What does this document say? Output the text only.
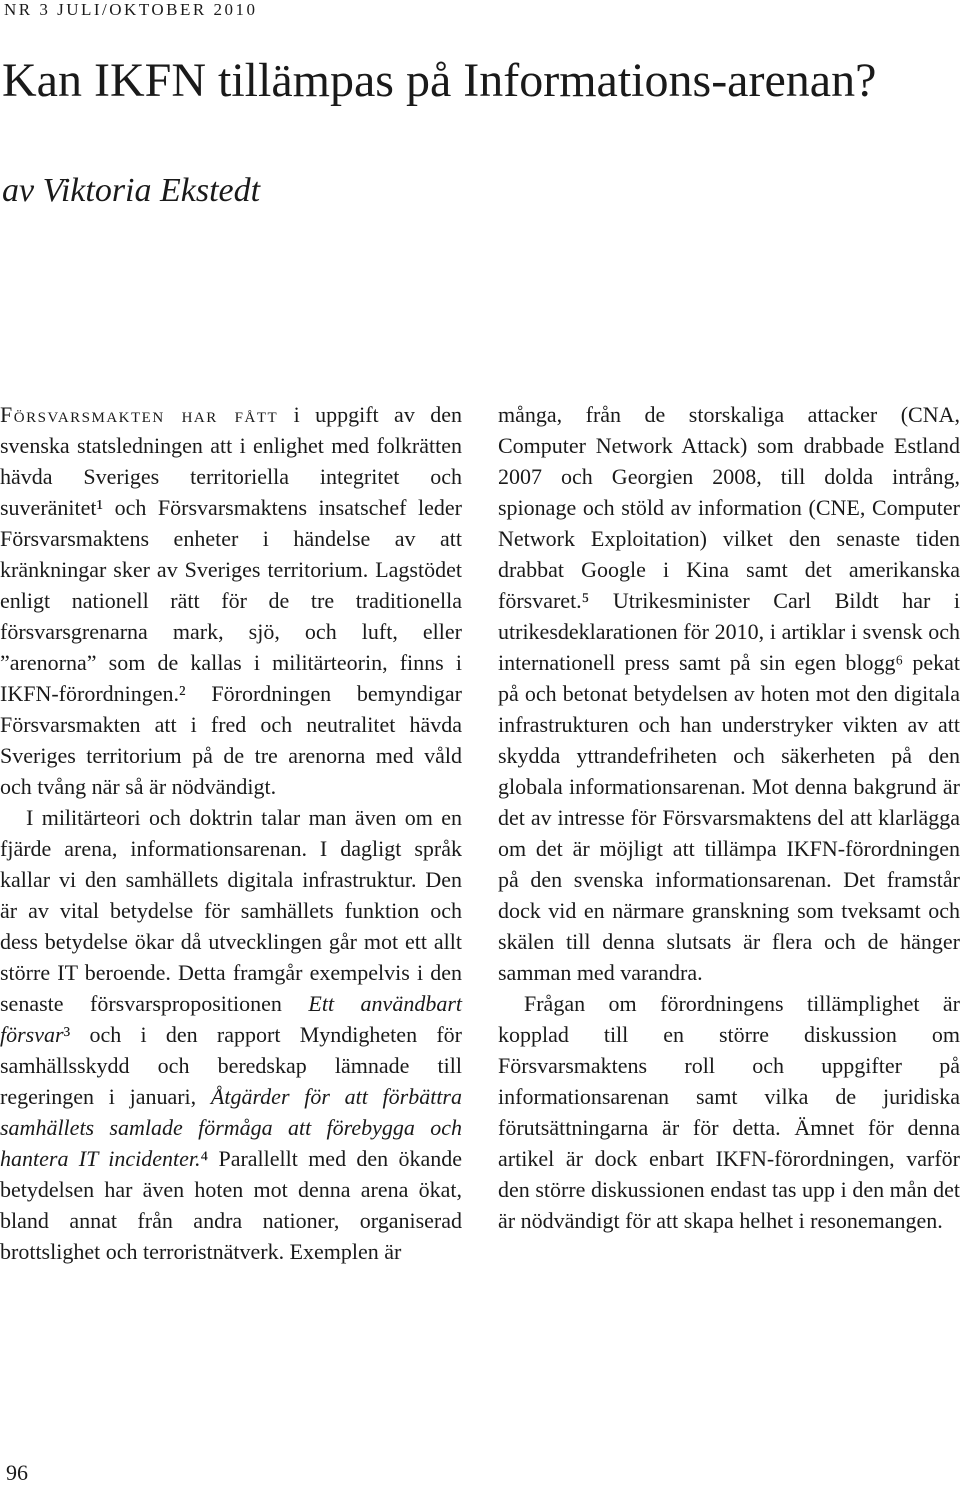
NR 3 JULI/OKTOBER 2010
Kan IKFN tillämpas på Informations-arenan?
av Viktoria Ekstedt

Försvarsmakten har fått i uppgift av den svenska statsledningen att i enlighet med folkrätten hävda Sveriges territoriella integritet och suveränitet¹ och Försvarsmaktens insatschef leder Försvarsmaktens enheter i händelse av att kränkningar sker av Sveriges territorium. Lagstödet enligt nationell rätt för de tre traditionella försvarsgrenarna mark, sjö, och luft, eller ”arenorna” som de kallas i militärteorin, finns i IKFN-förordningen.² Förordningen bemyndigar Försvarsmakten att i fred och neutralitet hävda Sveriges territorium på de tre arenorna med våld och tvång när så är nödvändigt.

I militärteori och doktrin talar man även om en fjärde arena, informationsarenan. I dagligt språk kallar vi den samhällets digitala infrastruktur. Den är av vital betydelse för samhällets funktion och dess betydelse ökar då utvecklingen går mot ett allt större IT beroende. Detta framgår exempelvis i den senaste försvarspropositionen Ett användbart försvar³ och i den rapport Myndigheten för samhällsskydd och beredskap lämnade till regeringen i januari, Åtgärder för att förbättra samhällets samlade förmåga att förebygga och hantera IT incidenter.⁴ Parallellt med den ökande betydelsen har även hoten mot denna arena ökat, bland annat från andra nationer, organiserad brottslighet och terroristnätverk. Exemplen är

många, från de storskaliga attacker (CNA, Computer Network Attack) som drabbade Estland 2007 och Georgien 2008, till dolda intrång, spionage och stöld av information (CNE, Computer Network Exploitation) vilket den senaste tiden drabbat Google i Kina samt det amerikanska försvaret.⁵ Utrikesminister Carl Bildt har i utrikesdeklarationen för 2010, i artiklar i svensk och internationell press samt på sin egen blogg⁶ pekat på och betonat betydelsen av hoten mot den digitala infrastrukturen och han understryker vikten av att skydda yttrandefriheten och säkerheten på den globala informationsarenan. Mot denna bakgrund är det av intresse för Försvarsmaktens del att klarlägga om det är möjligt att tillämpa IKFN-förordningen på den svenska informationsarenan. Det framstår dock vid en närmare granskning som tveksamt och skälen till denna slutsats är flera och de hänger samman med varandra.

Frågan om förordningens tillämplighet är kopplad till en större diskussion om Försvarsmaktens roll och uppgifter på informationsarenan samt vilka de juridiska förutsättningarna är för detta. Ämnet för denna artikel är dock enbart IKFN-förordningen, varför den större diskussionen endast tas upp i den mån det är nödvändigt för att skapa helhet i resonemangen.

96
